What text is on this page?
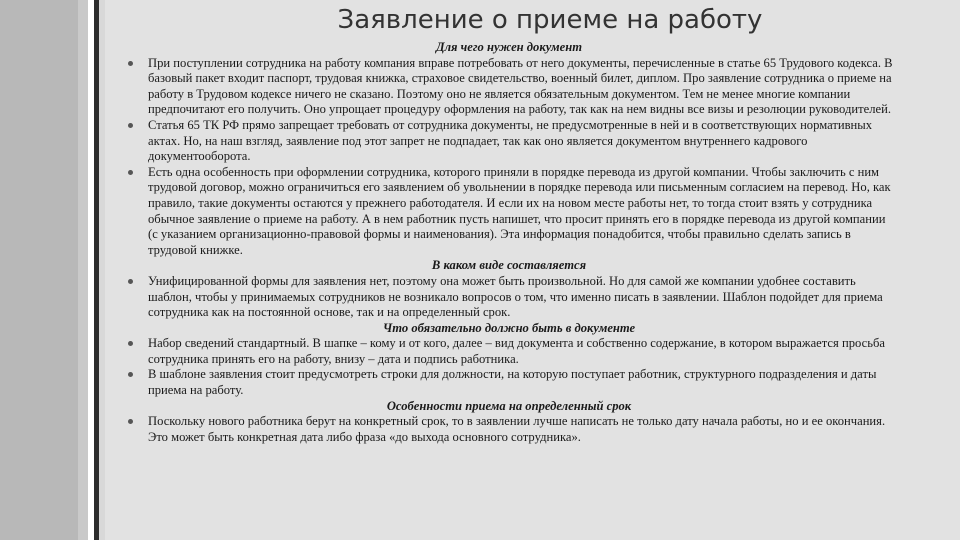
Заявление о приеме на работу

Для чего нужен документ

При поступлении сотрудника на работу компания вправе потребовать от него документы, перечисленные в статье 65 Трудового кодекса. В базовый пакет входит паспорт, трудовая книжка, страховое свидетельство, военный билет, диплом. Про заявление сотрудника о приеме на работу в Трудовом кодексе ничего не сказано. Поэтому оно не является обязательным документом. Тем не менее многие компании предпочитают его получить. Оно упрощает процедуру оформления на работу, так как на нем видны все визы и резолюции руководителей.
Статья 65 ТК РФ прямо запрещает требовать от сотрудника документы, не предусмотренные в ней и в соответствующих нормативных актах. Но, на наш взгляд, заявление под этот запрет не подпадает, так как оно является документом внутреннего кадрового документооборота.
Есть одна особенность при оформлении сотрудника, которого приняли в порядке перевода из другой компании. Чтобы заключить с ним трудовой договор, можно ограничиться его заявлением об увольнении в порядке перевода или письменным согласием на перевод. Но, как правило, такие документы остаются у прежнего работодателя. И если их на новом месте работы нет, то тогда стоит взять у сотрудника обычное заявление о приеме на работу. А в нем работник пусть напишет, что просит принять его в порядке перевода из другой компании (с указанием организационно-правовой формы и наименования). Эта информация понадобится, чтобы правильно сделать запись в трудовой книжке.

В каком виде составляется

Унифицированной формы для заявления нет, поэтому она может быть произвольной. Но для самой же компании удобнее составить шаблон, чтобы у принимаемых сотрудников не возникало вопросов о том, что именно писать в заявлении. Шаблон подойдет для приема сотрудника как на постоянной основе, так и на определенный срок.

Что обязательно должно быть в документе

Набор сведений стандартный. В шапке – кому и от кого, далее – вид документа и собственно содержание, в котором выражается просьба сотрудника принять его на работу, внизу – дата и подпись работника.
В шаблоне заявления стоит предусмотреть строки для должности, на которую поступает работник, структурного подразделения и даты приема на работу.

Особенности приема на определенный срок

Поскольку нового работника берут на конкретный срок, то в заявлении лучше написать не только дату начала работы, но и ее окончания. Это может быть конкретная дата либо фраза «до выхода основного сотрудника».
